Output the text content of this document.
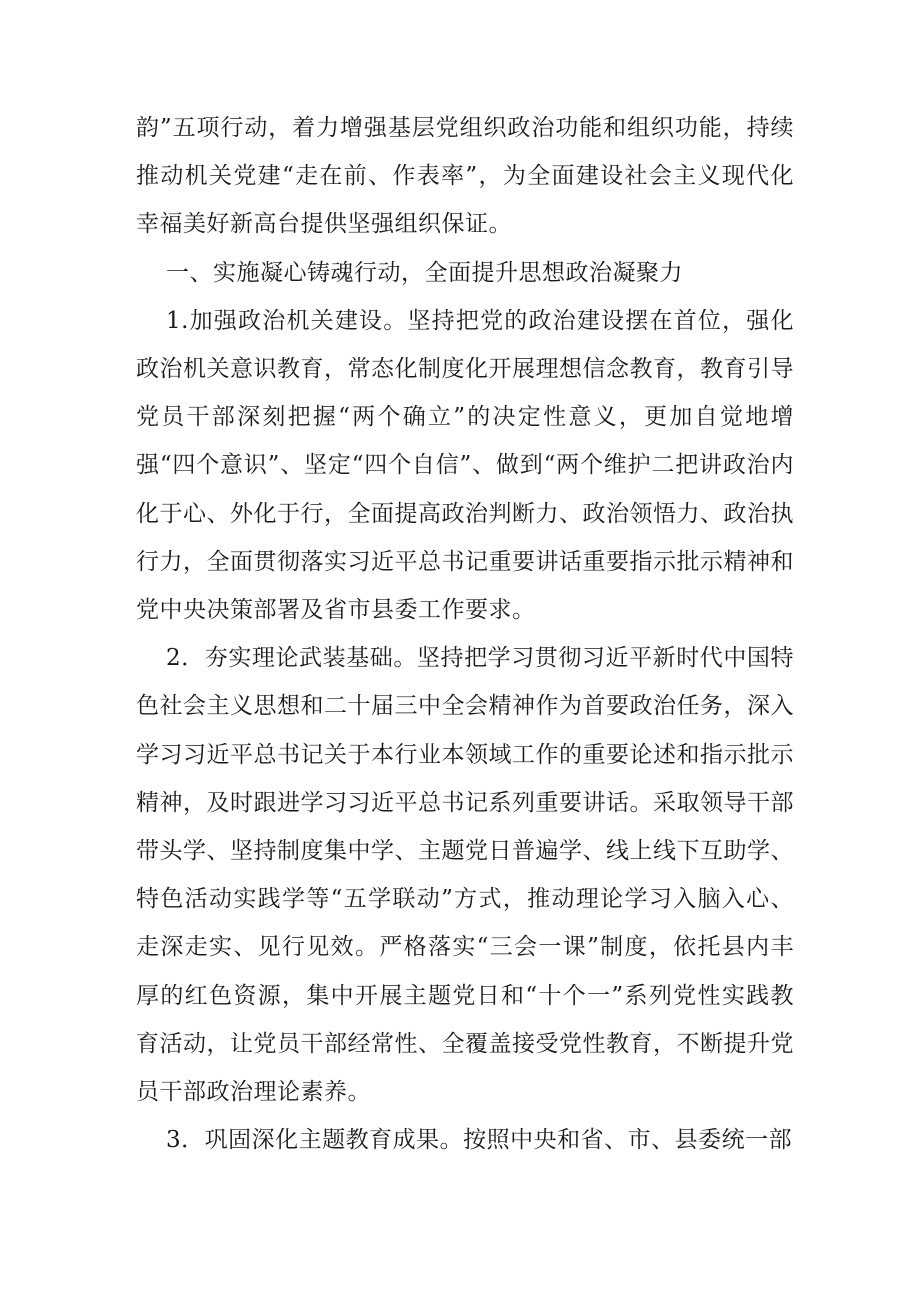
韵”五项行动，着力增强基层党组织政治功能和组织功能，持续推动机关党建“走在前、作表率”，为全面建设社会主义现代化幸福美好新高台提供坚强组织保证。

一、实施凝心铸魂行动，全面提升思想政治凝聚力

1.加强政治机关建设。坚持把党的政治建设摆在首位，强化政治机关意识教育，常态化制度化开展理想信念教育，教育引导党员干部深刻把握“两个确立”的决定性意义，更加自觉地增强“四个意识”、坚定“四个自信”、做到“两个维护二把讲政治内化于心、外化于行，全面提高政治判断力、政治领悟力、政治执行力，全面贯彻落实习近平总书记重要讲话重要指示批示精神和党中央决策部署及省市县委工作要求。

2．夯实理论武装基础。坚持把学习贯彻习近平新时代中国特色社会主义思想和二十届三中全会精神作为首要政治任务，深入学习习近平总书记关于本行业本领域工作的重要论述和指示批示精神，及时跟进学习习近平总书记系列重要讲话。采取领导干部带头学、坚持制度集中学、主题党日普遍学、线上线下互助学、特色活动实践学等“五学联动”方式，推动理论学习入脑入心、走深走实、见行见效。严格落实“三会一课”制度，依托县内丰厚的红色资源，集中开展主题党日和“十个一”系列党性实践教育活动，让党员干部经常性、全覆盖接受党性教育，不断提升党员干部政治理论素养。

3．巩固深化主题教育成果。按照中央和省、市、县委统一部
